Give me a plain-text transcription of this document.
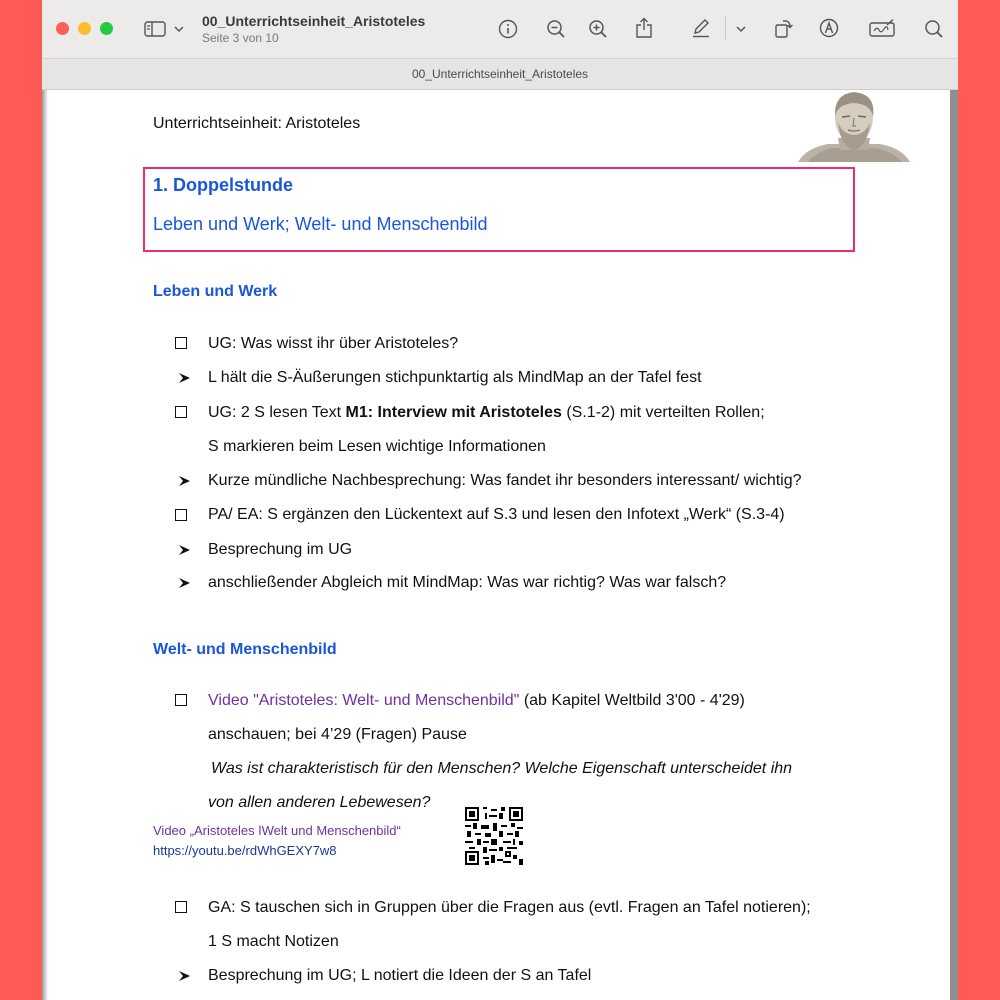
00_Unterrichtseinheit_Aristoteles
Seite 3 von 10
00_Unterrichtseinheit_Aristoteles
Unterrichtseinheit: Aristoteles
1. Doppelstunde
Leben und Werk; Welt- und Menschenbild
Leben und Werk
UG: Was wisst ihr über Aristoteles?
L hält die S-Äußerungen stichpunktartig als MindMap an der Tafel fest
UG: 2 S lesen Text M1: Interview mit Aristoteles (S.1-2) mit verteilten Rollen;
S markieren beim Lesen wichtige Informationen
Kurze mündliche Nachbesprechung: Was fandet ihr besonders interessant/ wichtig?
PA/ EA: S ergänzen den Lückentext auf S.3 und lesen den Infotext „Werk“ (S.3-4)
Besprechung im UG
anschließender Abgleich mit MindMap: Was war richtig? Was war falsch?
Welt- und Menschenbild
Video "Aristoteles: Welt- und Menschenbild" (ab Kapitel Weltbild 3'00 - 4'29)
anschauen; bei 4’29 (Fragen) Pause
Was ist charakteristisch für den Menschen? Welche Eigenschaft unterscheidet ihn
von allen anderen Lebewesen?
Video „Aristoteles ǀWelt und Menschenbild“
https://youtu.be/rdWhGEXY7w8
GA: S tauschen sich in Gruppen über die Fragen aus (evtl. Fragen an Tafel notieren);
1 S macht Notizen
Besprechung im UG; L notiert die Ideen der S an Tafel
